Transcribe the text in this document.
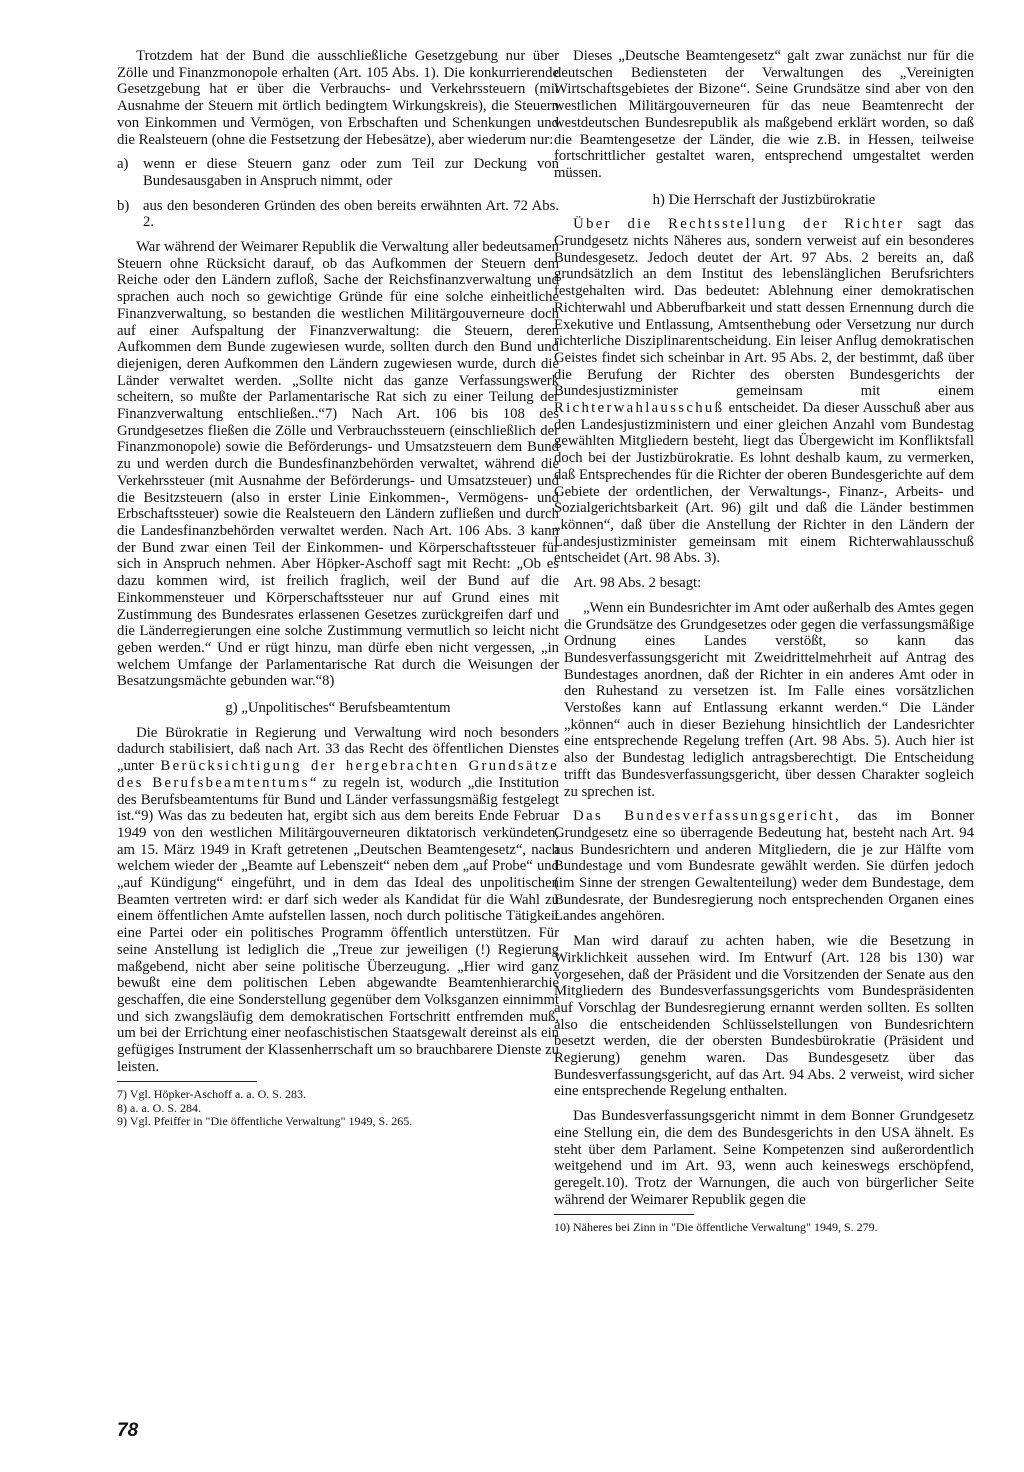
Trotzdem hat der Bund die ausschließliche Gesetzgebung nur über Zölle und Finanzmonopole erhalten (Art. 105 Abs. 1). Die konkurrierende Gesetzgebung hat er über die Verbrauchs- und Verkehrssteuern (mit Ausnahme der Steuern mit örtlich bedingtem Wirkungskreis), die Steuern von Einkommen und Vermögen, von Erbschaften und Schenkungen und die Realsteuern (ohne die Festsetzung der Hebesätze), aber wiederum nur:

a) wenn er diese Steuern ganz oder zum Teil zur Deckung von Bundesausgaben in Anspruch nimmt, oder
b) aus den besonderen Gründen des oben bereits erwähnten Art. 72 Abs. 2.

War während der Weimarer Republik die Verwaltung aller bedeutsamen Steuern ohne Rücksicht darauf, ob das Aufkommen der Steuern dem Reiche oder den Ländern zufloß, Sache der Reichsfinanzverwaltung und sprachen auch noch so gewichtige Gründe für eine solche einheitliche Finanzverwaltung, so bestanden die westlichen Militärgouverneure doch auf einer Aufspaltung der Finanzverwaltung: die Steuern, deren Aufkommen dem Bunde zugewiesen wurde, sollten durch den Bund und diejenigen, deren Aufkommen den Ländern zugewiesen wurde, durch die Länder verwaltet werden. „Sollte nicht das ganze Verfassungswerk scheitern, so mußte der Parlamentarische Rat sich zu einer Teilung der Finanzverwaltung entschließen..“7) Nach Art. 106 bis 108 des Grundgesetzes fließen die Zölle und Verbrauchssteuern (einschließlich der Finanzmonopole) sowie die Beförderungs- und Umsatzsteuern dem Bund zu und werden durch die Bundesfinanzbehörden verwaltet, während die Verkehrssteuer (mit Ausnahme der Beförderungs- und Umsatzsteuer) und die Besitzsteuern (also in erster Linie Einkommen-, Vermögens- und Erbschaftssteuer) sowie die Realsteuern den Ländern zufließen und durch die Landesfinanzbehörden verwaltet werden. Nach Art. 106 Abs. 3 kann der Bund zwar einen Teil der Einkommen- und Körperschaftssteuer für sich in Anspruch nehmen. Aber Höpker-Aschoff sagt mit Recht: „Ob es dazu kommen wird, ist freilich fraglich, weil der Bund auf die Einkommensteuer und Körperschaftssteuer nur auf Grund eines mit Zustimmung des Bundesrates erlassenen Gesetzes zurückgreifen darf und die Länderregierungen eine solche Zustimmung vermutlich so leicht nicht geben werden.“ Und er rügt hinzu, man dürfe eben nicht vergessen, „in welchem Umfange der Parlamentarische Rat durch die Weisungen der Besatzungsmächte gebunden war.“8)

g) „Unpolitisches“ Berufsbeamtentum

Die Bürokratie in Regierung und Verwaltung wird noch besonders dadurch stabilisiert, daß nach Art. 33 das Recht des öffentlichen Dienstes „unter Berücksichtigung der hergebrachten Grundsätze des Berufsbeamtentums“ zu regeln ist, wodurch „die Institution des Berufsbeamtentums für Bund und Länder verfassungsmäßig festgelegt ist.“9) Was das zu bedeuten hat, ergibt sich aus dem bereits Ende Februar 1949 von den westlichen Militärgouverneuren diktatorisch verkündeten, am 15. März 1949 in Kraft getretenen „Deutschen Beamtengesetz“, nach welchem wieder der „Beamte auf Lebenszeit“ neben dem „auf Probe“ und „auf Kündigung“ eingeführt, und in dem das Ideal des unpolitischen Beamten vertreten wird: er darf sich weder als Kandidat für die Wahl zu einem öffentlichen Amte aufstellen lassen, noch durch politische Tätigkeit eine Partei oder ein politisches Programm öffentlich unterstützen. Für seine Anstellung ist lediglich die „Treue zur jeweiligen (!) Regierung maßgebend, nicht aber seine politische Überzeugung. „Hier wird ganz bewußt eine dem politischen Leben abgewandte Beamtenhierarchie geschaffen, die eine Sonderstellung gegenüber dem Volksganzen einnimmt und sich zwangsläufig dem demokratischen Fortschritt entfremden muß, um bei der Errichtung einer neofaschistischen Staatsgewalt dereinst als ein gefügiges Instrument der Klassenherrschaft um so brauchbarere Dienste zu leisten.

7) Vgl. Höpker-Aschoff a. a. O. S. 283.

8) a. a. O. S. 284.

9) Vgl. Pfeiffer in "Die öffentliche Verwaltung" 1949, S. 265.

Dieses „Deutsche Beamtengesetz“ galt zwar zunächst nur für die deutschen Bediensteten der Verwaltungen des „Vereinigten Wirtschaftsgebietes der Bizone“. Seine Grundsätze sind aber von den westlichen Militärgouverneuren für das neue Beamtenrecht der westdeutschen Bundesrepublik als maßgebend erklärt worden, so daß die Beamtengesetze der Länder, die wie z.B. in Hessen, teilweise fortschrittlicher gestaltet waren, entsprechend umgestaltet werden müssen.

h) Die Herrschaft der Justizbürokratie

Über die Rechtsstellung der Richter sagt das Grundgesetz nichts Näheres aus, sondern verweist auf ein besonderes Bundesgesetz. Jedoch deutet der Art. 97 Abs. 2 bereits an, daß grundsätzlich an dem Institut des lebenslänglichen Berufsrichters festgehalten wird. Das bedeutet: Ablehnung einer demokratischen Richterwahl und Abberufbarkeit und statt dessen Ernennung durch die Exekutive und Entlassung, Amtsenthebung oder Versetzung nur durch richterliche Disziplinarentscheidung. Ein leiser Anflug demokratischen Geistes findet sich scheinbar in Art. 95 Abs. 2, der bestimmt, daß über die Berufung der Richter des obersten Bundesgerichts der Bundesjustizminister gemeinsam mit einem Richterwahlausschuß entscheidet. Da dieser Ausschuß aber aus den Landesjustizministern und einer gleichen Anzahl vom Bundestag gewählten Mitgliedern besteht, liegt das Übergewicht im Konfliktsfall doch bei der Justizbürokratie. Es lohnt deshalb kaum, zu vermerken, daß Entsprechendes für die Richter der oberen Bundesgerichte auf dem Gebiete der ordentlichen, der Verwaltungs-, Finanz-, Arbeits- und Sozialgerichtsbarkeit (Art. 96) gilt und daß die Länder bestimmen „können“, daß über die Anstellung der Richter in den Ländern der Landesjustizminister gemeinsam mit einem Richterwahlausschuß entscheidet (Art. 98 Abs. 3).

Art. 98 Abs. 2 besagt:

„Wenn ein Bundesrichter im Amt oder außerhalb des Amtes gegen die Grundsätze des Grundgesetzes oder gegen die verfassungsmäßige Ordnung eines Landes verstößt, so kann das Bundesverfassungsgericht mit Zweidrittelmehrheit auf Antrag des Bundestages anordnen, daß der Richter in ein anderes Amt oder in den Ruhestand zu versetzen ist. Im Falle eines vorsätzlichen Verstoßes kann auf Entlassung erkannt werden.“ Die Länder „können“ auch in dieser Beziehung hinsichtlich der Landesrichter eine entsprechende Regelung treffen (Art. 98 Abs. 5). Auch hier ist also der Bundestag lediglich antragsberechtigt. Die Entscheidung trifft das Bundesverfassungsgericht, über dessen Charakter sogleich zu sprechen ist.

Das Bundesverfassungsgericht, das im Bonner Grundgesetz eine so überragende Bedeutung hat, besteht nach Art. 94 aus Bundesrichtern und anderen Mitgliedern, die je zur Hälfte vom Bundestage und vom Bundesrate gewählt werden. Sie dürfen jedoch (im Sinne der strengen Gewaltenteilung) weder dem Bundestage, dem Bundesrate, der Bundesregierung noch entsprechenden Organen eines Landes angehören.

Man wird darauf zu achten haben, wie die Besetzung in Wirklichkeit aussehen wird. Im Entwurf (Art. 128 bis 130) war vorgesehen, daß der Präsident und die Vorsitzenden der Senate aus den Mitgliedern des Bundesverfassungsgerichts vom Bundespräsidenten auf Vorschlag der Bundesregierung ernannt werden sollten. Es sollten also die entscheidenden Schlüsselstellungen von Bundesrichtern besetzt werden, die der obersten Bundesbürokratie (Präsident und Regierung) genehm waren. Das Bundesgesetz über das Bundesverfassungsgericht, auf das Art. 94 Abs. 2 verweist, wird sicher eine entsprechende Regelung enthalten.

Das Bundesverfassungsgericht nimmt in dem Bonner Grundgesetz eine Stellung ein, die dem des Bundesgerichts in den USA ähnelt. Es steht über dem Parlament. Seine Kompetenzen sind außerordentlich weitgehend und im Art. 93, wenn auch keineswegs erschöpfend, geregelt.10). Trotz der Warnungen, die auch von bürgerlicher Seite während der Weimarer Republik gegen die

10) Näheres bei Zinn in "Die öffentliche Verwaltung" 1949, S. 279.

78
